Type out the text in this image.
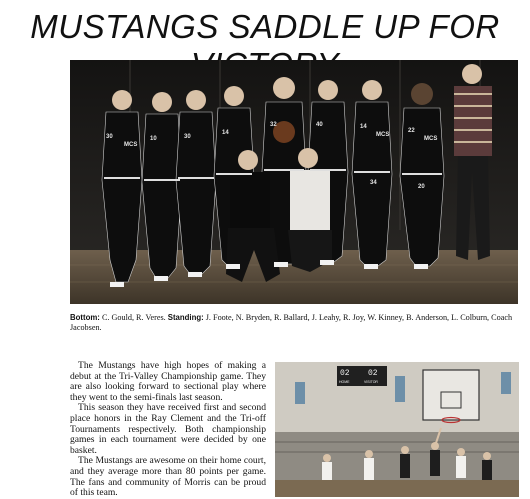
MUSTANGS SADDLE UP FOR
30	10	30
14
32	40	14
22
20
34
MCS
MCS
MCS
Bottom: C. Gould, R. Veres. Standing: J. Foote, N. Bryden, R. Ballard, J. Leahy, R. Joy, W. Kinney, B. Anderson, L. Colburn, Coach Jacobsen.

The Mustangs have high hopes of making a debut at the Tri-Valley Championship game. They are also looking forward to sectional play where they went to the semi-finals last season.

This season they have received first and second place honors in the Ray Clement and the Tri-off Tournaments respectively. Both championship games in each tournament were decided by one basket.

The Mustangs are awesome on their home court, and they average more than 80 points per game. The fans and community of Morris can be proud of this team.

02 02
HOME	VISITOR
